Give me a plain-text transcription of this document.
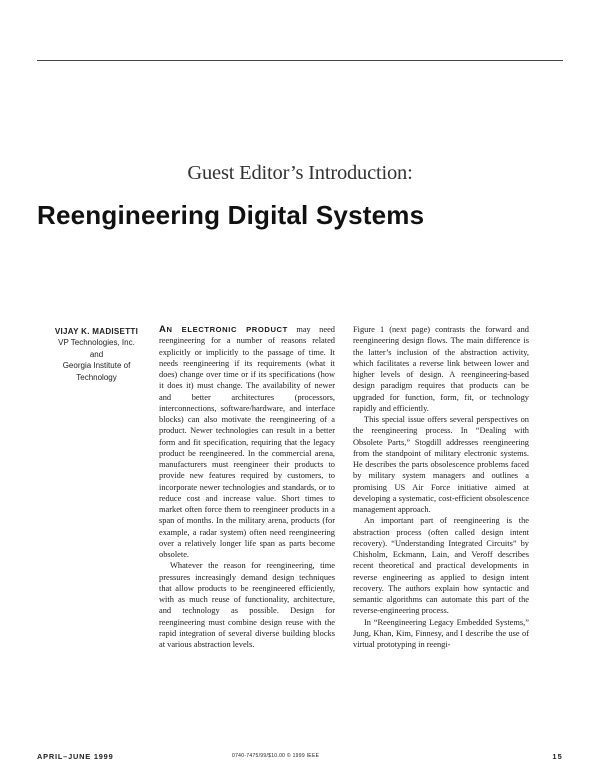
Guest Editor’s Introduction:
Reengineering Digital Systems
VIJAY K. MADISETTI
VP Technologies, Inc.
and
Georgia Institute of Technology

AN ELECTRONIC PRODUCT may need reengineering for a number of reasons related explicitly or implicitly to the passage of time. It needs reengineering if its requirements (what it does) change over time or if its specifications (how it does it) must change. The availability of newer and better architectures (processors, interconnections, software/hardware, and interface blocks) can also motivate the reengineering of a product. Newer technologies can result in a better form and fit specification, requiring that the legacy product be reengineered. In the commercial arena, manufacturers must reengineer their products to provide new features required by customers, to incorporate newer technologies and standards, or to reduce cost and increase value. Short times to market often force them to reengineer products in a span of months. In the military arena, products (for example, a radar system) often need reengineering over a relatively longer life span as parts become obsolete.

Whatever the reason for reengineering, time pressures increasingly demand design techniques that allow products to be reengineered efficiently, with as much reuse of functionality, architecture, and technology as possible. Design for reengineering must combine design reuse with the rapid integration of several diverse building blocks at various abstraction levels.

Figure 1 (next page) contrasts the forward and reengineering design flows. The main difference is the latter’s inclusion of the abstraction activity, which facilitates a reverse link between lower and higher levels of design. A reengineering-based design paradigm requires that products can be upgraded for function, form, fit, or technology rapidly and efficiently.

This special issue offers several perspectives on the reengineering process. In “Dealing with Obsolete Parts,” Stogdill addresses reengineering from the standpoint of military electronic systems. He describes the parts obsolescence problems faced by military system managers and outlines a promising US Air Force initiative aimed at developing a systematic, cost-efficient obsolescence management approach.

An important part of reengineering is the abstraction process (often called design intent recovery). “Understanding Integrated Circuits” by Chisholm, Eckmann, Lain, and Veroff describes recent theoretical and practical developments in reverse engineering as applied to design intent recovery. The authors explain how syntactic and semantic algorithms can automate this part of the reverse-engineering process.

In “Reengineering Legacy Embedded Systems,” Jung, Khan, Kim, Finnesy, and I describe the use of virtual prototyping in reengi-

APRIL–JUNE 1999	0740-7475/99/$10.00 © 1999 IEEE	15
